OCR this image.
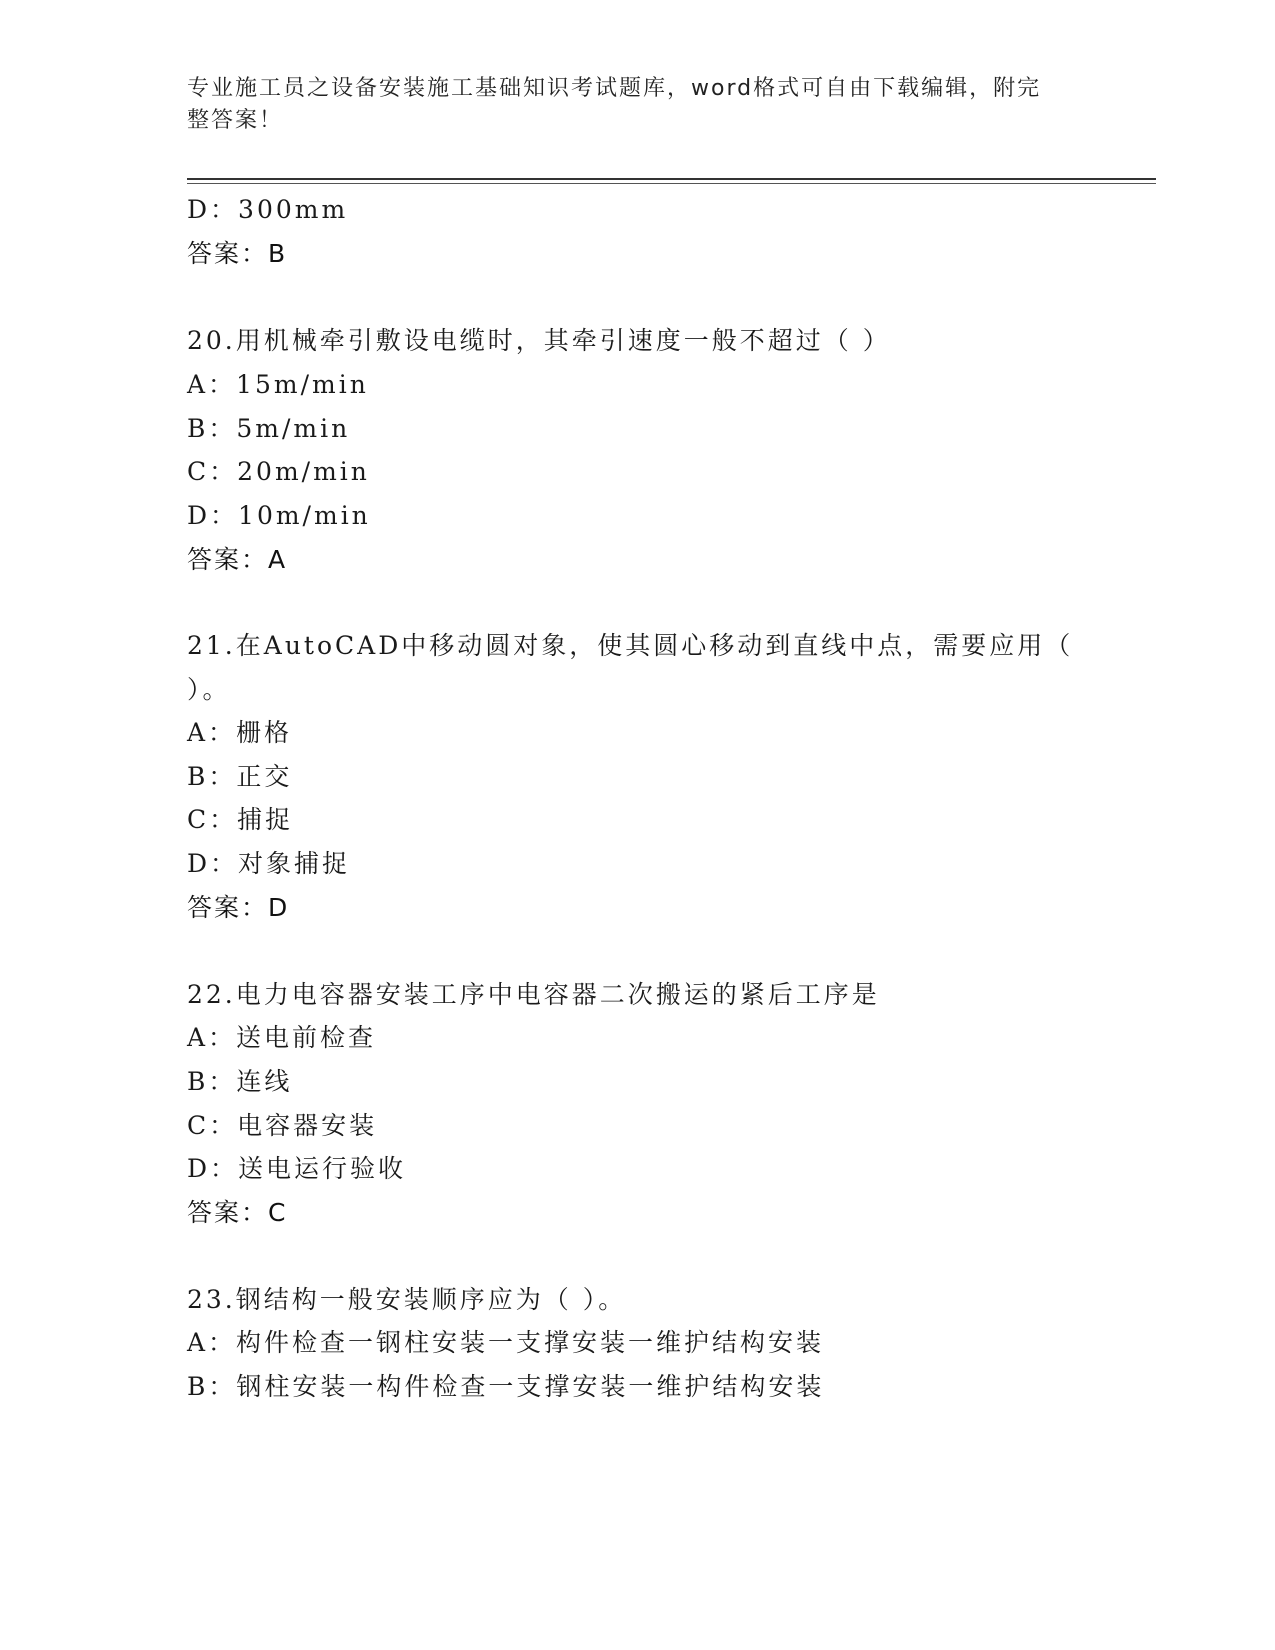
专业施工员之设备安装施工基础知识考试题库，word格式可自由下载编辑，附完
整答案！
D：300mm
答案：B
20.用机械牵引敷设电缆时，其牵引速度一般不超过（ ）
A：15m/min
B：5m/min
C：20m/min
D：10m/min
答案：A
21.在AutoCAD中移动圆对象，使其圆心移动到直线中点，需要应用（
）。
A：栅格
B：正交
C：捕捉
D：对象捕捉
答案：D
22.电力电容器安装工序中电容器二次搬运的紧后工序是
A：送电前检查
B：连线
C：电容器安装
D：送电运行验收
答案：C
23.钢结构一般安装顺序应为（ ）。
A：构件检查一钢柱安装一支撑安装一维护结构安装
B：钢柱安装一构件检查一支撑安装一维护结构安装
